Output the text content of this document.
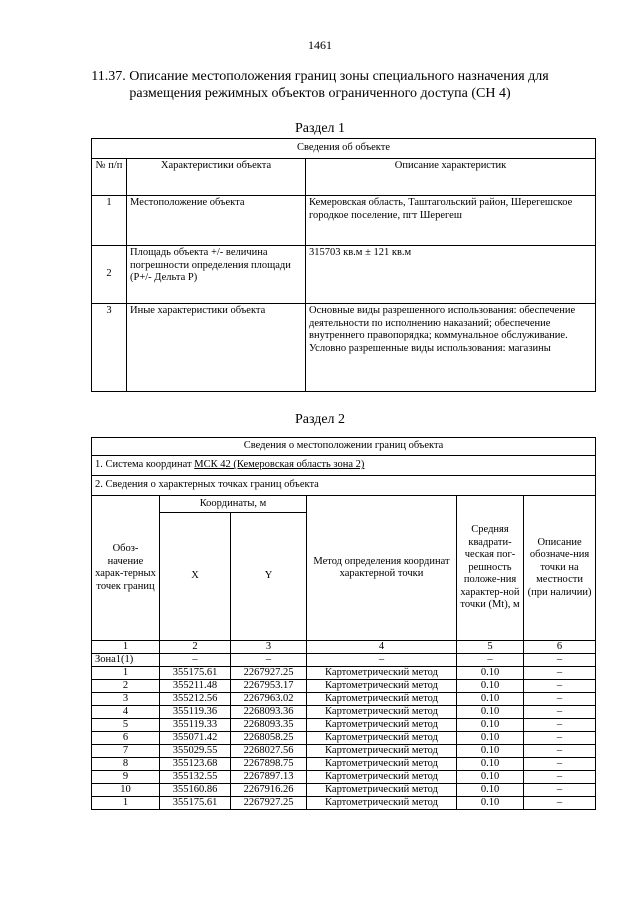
1461
11.37. Описание местоположения границ зоны специального назначения для размещения режимных объектов ограниченного доступа (СН 4)
Раздел 1
Сведения об объекте		
№ п/п	Характеристики объекта	Описание характеристик
1	Местоположение объекта	Кемеровская область, Таштагольский район, Шерегешское городкое поселение, пгт Шерегеш
2	Площадь объекта +/- величина погрешности определения площади (Р+/- Дельта Р)	315703 кв.м ± 121 кв.м
3	Иные характеристики объекта	Основные виды разрешенного использования: обеспечение деятельности по исполнению наказаний; обеспечение внутреннего правопорядка; коммунальное обслуживание. Условно разрешенные виды использования: магазины
Раздел 2
Сведения о местоположении границ объекта					
1. Система координат МСК 42 (Кемеровская область зона 2)					
2. Сведения о характерных точках границ объекта					
Обоз-начение харак-терных точек границ	Координаты, м		Метод определения координат характерной точки	Средняя квадрати-ческая пог-решность положе-ния характер-ной точки (Mt), м	Описание обозначе-ния точки на местности (при наличии)
	X	Y			
1	2	3	4	5	6
Зона1(1)	–	–	–	–	–
1	355175.61	2267927.25	Картометрический метод	0.10	–
2	355211.48	2267953.17	Картометрический метод	0.10	–
3	355212.56	2267963.02	Картометрический метод	0.10	–
4	355119.36	2268093.36	Картометрический метод	0.10	–
5	355119.33	2268093.35	Картометрический метод	0.10	–
6	355071.42	2268058.25	Картометрический метод	0.10	–
7	355029.55	2268027.56	Картометрический метод	0.10	–
8	355123.68	2267898.75	Картометрический метод	0.10	–
9	355132.55	2267897.13	Картометрический метод	0.10	–
10	355160.86	2267916.26	Картометрический метод	0.10	–
1	355175.61	2267927.25	Картометрический метод	0.10	–
